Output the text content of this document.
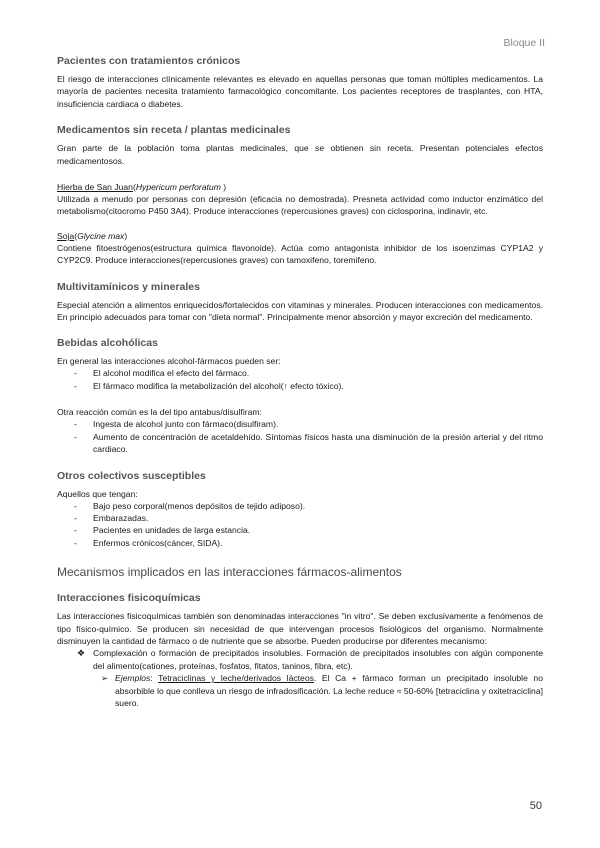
Bloque II
Pacientes con tratamientos crónicos

El riesgo de interacciones clínicamente relevantes es elevado en aquellas personas que toman múltiples medicamentos. La mayoría de pacientes necesita tratamiento farmacológico concomitante. Los pacientes receptores de trasplantes, con HTA, insuficiencia cardiaca o diabetes.

Medicamentos sin receta / plantas medicinales

Gran parte de la población toma plantas medicinales, que se obtienen sin receta. Presentan potenciales efectos medicamentosos.

Hierba de San Juan(Hypericum perforatum )

Utilizada a menudo por personas con depresión (eficacia no demostrada). Presneta actividad como inductor enzimático del metabolismo(citocromo P450 3A4). Produce interacciones (repercusiones graves) con ciclosporina, indinavir, etc.

Soja(Glycine max)

Contiene fitoestrógenos(estructura química flavonoide). Actúa como antagonista inhibidor de los isoenzimas CYP1A2 y CYP2C9. Produce interacciones(repercusiones graves) con tamoxifeno, toremifeno.

Multivitamínicos y minerales

Especial atención a alimentos enriquecidos/fortalecidos con vitaminas y minerales. Producen interacciones con medicamentos. En principio adecuados para tomar con "dieta normal". Principalmente menor absorción y mayor excreción del medicamento.

Bebidas alcohólicas
En general las interacciones alcohol-fármacos pueden ser:
- El alcohol modifica el efecto del fármaco.
- El fármaco modifica la metabolización del alcohol(↑ efecto tóxico).
Otra reacción común es la del tipo antabus/disulfiram:
- Ingesta de alcohol junto con fármaco(disulfiram).
- Aumento de concentración de acetaldehído. Síntomas físicos hasta una disminución de la presión arterial y del ritmo cardiaco.
Otros colectivos susceptibles
Aquellos que tengan:
- Bajo peso corporal(menos depósitos de tejido adiposo).
- Embarazadas.
- Pacientes en unidades de larga estancia.
- Enfermos crónicos(cáncer, SIDA).
Mecanismos implicados en las interacciones fármacos-alimentos
Interacciones fisicoquímicas

Las interacciones fisicoquímicas también son denominadas interacciones "in vitro". Se deben exclusivamente a fenómenos de tipo físico-químico. Se producen sin necesidad de que intervengan procesos fisiológicos del organismo. Normalmente disminuyen la cantidad de fármaco o de nutriente que se absorbe. Pueden producirse por diferentes mecanismo:

❖ Complexación o formación de precipitados insolubles. Formación de precipitados insolubles con algún componente del alimento(cationes, proteínas, fosfatos, fitatos, taninos, fibra, etc).
➢ Ejemplos: Tetraciclinas y leche/derivados lácteos. El Ca + fármaco forman un precipitado insoluble no absorbible lo que conlleva un riesgo de infradosificación. La leche reduce ≈ 50-60% [tetraciclina y oxitetraciclina] suero.
50
